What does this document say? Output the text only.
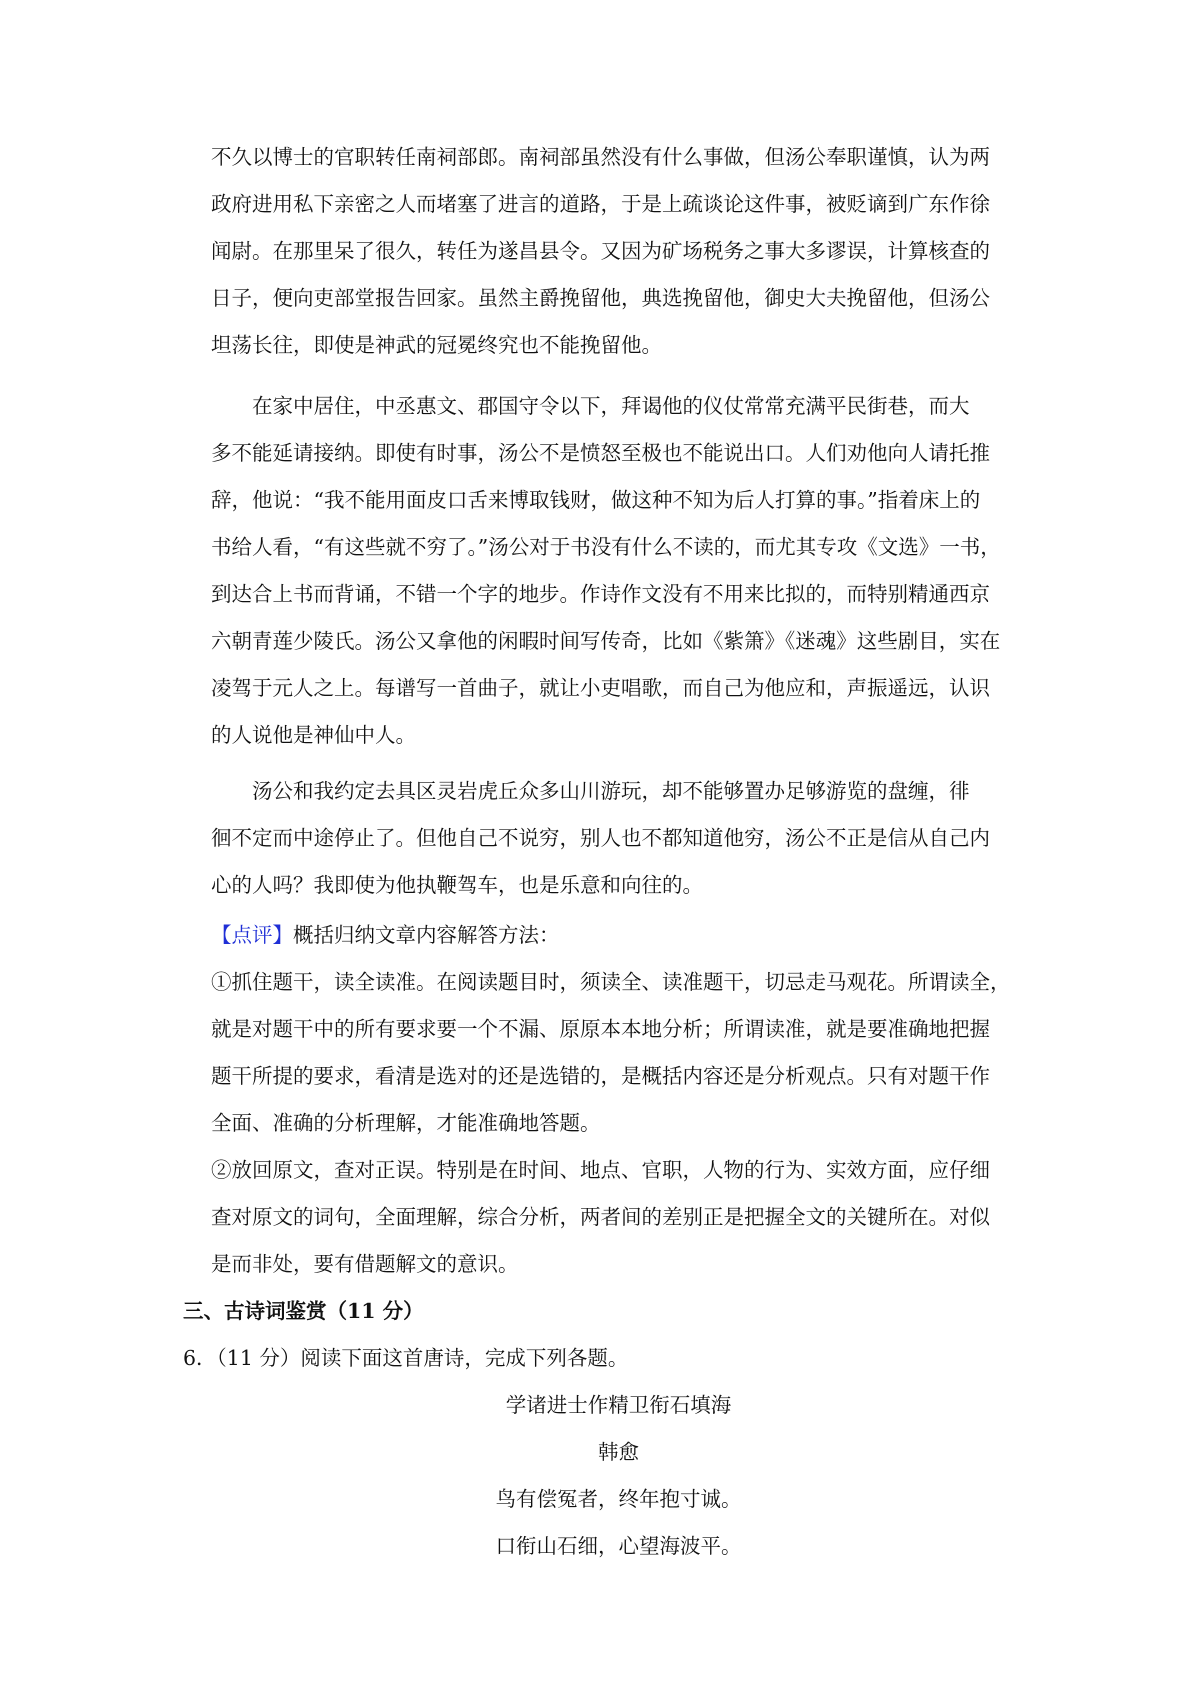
不久以博士的官职转任南祠部郎。南祠部虽然没有什么事做，但汤公奉职谨慎，认为两

政府进用私下亲密之人而堵塞了进言的道路，于是上疏谈论这件事，被贬谪到广东作徐

闻尉。在那里呆了很久，转任为遂昌县令。又因为矿场税务之事大多谬误，计算核查的

日子，便向吏部堂报告回家。虽然主爵挽留他，典选挽留他，御史大夫挽留他，但汤公

坦荡长往，即使是神武的冠冕终究也不能挽留他。

在家中居住，中丞惠文、郡国守令以下，拜谒他的仪仗常常充满平民街巷，而大

多不能延请接纳。即使有时事，汤公不是愤怒至极也不能说出口。人们劝他向人请托推

辞，他说：“我不能用面皮口舌来博取钱财，做这种不知为后人打算的事。”指着床上的

书给人看，“有这些就不穷了。”汤公对于书没有什么不读的，而尤其专攻《文选》一书，

到达合上书而背诵，不错一个字的地步。作诗作文没有不用来比拟的，而特别精通西京

六朝青莲少陵氏。汤公又拿他的闲暇时间写传奇，比如《紫箫》《迷魂》这些剧目，实在

凌驾于元人之上。每谱写一首曲子，就让小吏唱歌，而自己为他应和，声振遥远，认识

的人说他是神仙中人。

汤公和我约定去具区灵岩虎丘众多山川游玩，却不能够置办足够游览的盘缠，徘

徊不定而中途停止了。但他自己不说穷，别人也不都知道他穷，汤公不正是信从自己内

心的人吗？我即使为他执鞭驾车，也是乐意和向往的。

【点评】概括归纳文章内容解答方法：

①抓住题干，读全读准。在阅读题目时，须读全、读准题干，切忌走马观花。所谓读全，

就是对题干中的所有要求要一个不漏、原原本本地分析；所谓读准，就是要准确地把握

题干所提的要求，看清是选对的还是选错的，是概括内容还是分析观点。只有对题干作

全面、准确的分析理解，才能准确地答题。

②放回原文，查对正误。特别是在时间、地点、官职，人物的行为、实效方面，应仔细

查对原文的词句，全面理解，综合分析，两者间的差别正是把握全文的关键所在。对似

是而非处，要有借题解文的意识。

三、古诗词鉴赏（11 分）
6．（11 分）阅读下面这首唐诗，完成下列各题。
学诸进士作精卫衔石填海
韩愈
鸟有偿冤者，终年抱寸诚。
口衔山石细，心望海波平。
